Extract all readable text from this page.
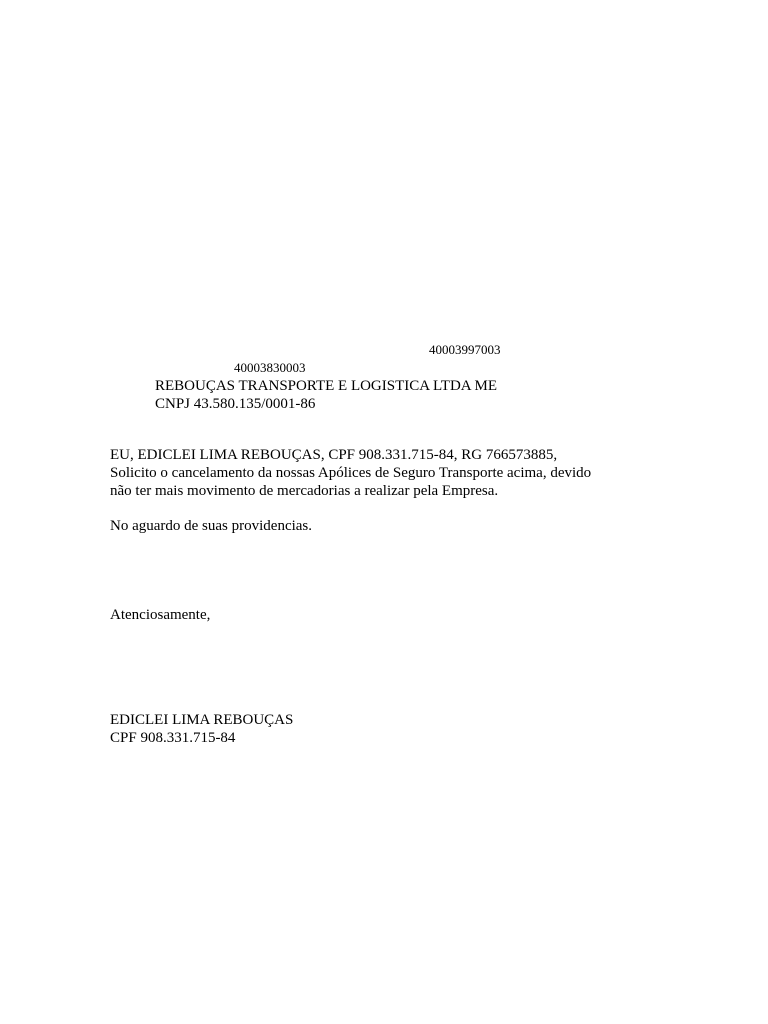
40003997003
40003830003
REBOUÇAS TRANSPORTE E LOGISTICA LTDA ME
CNPJ 43.580.135/0001-86
EU, EDICLEI LIMA REBOUÇAS, CPF 908.331.715-84, RG 766573885,
Solicito o cancelamento da nossas Apólices de Seguro Transporte acima, devido
não ter mais movimento de mercadorias a realizar pela Empresa.
No aguardo de suas providencias.
Atenciosamente,
EDICLEI LIMA REBOUÇAS
CPF 908.331.715-84
